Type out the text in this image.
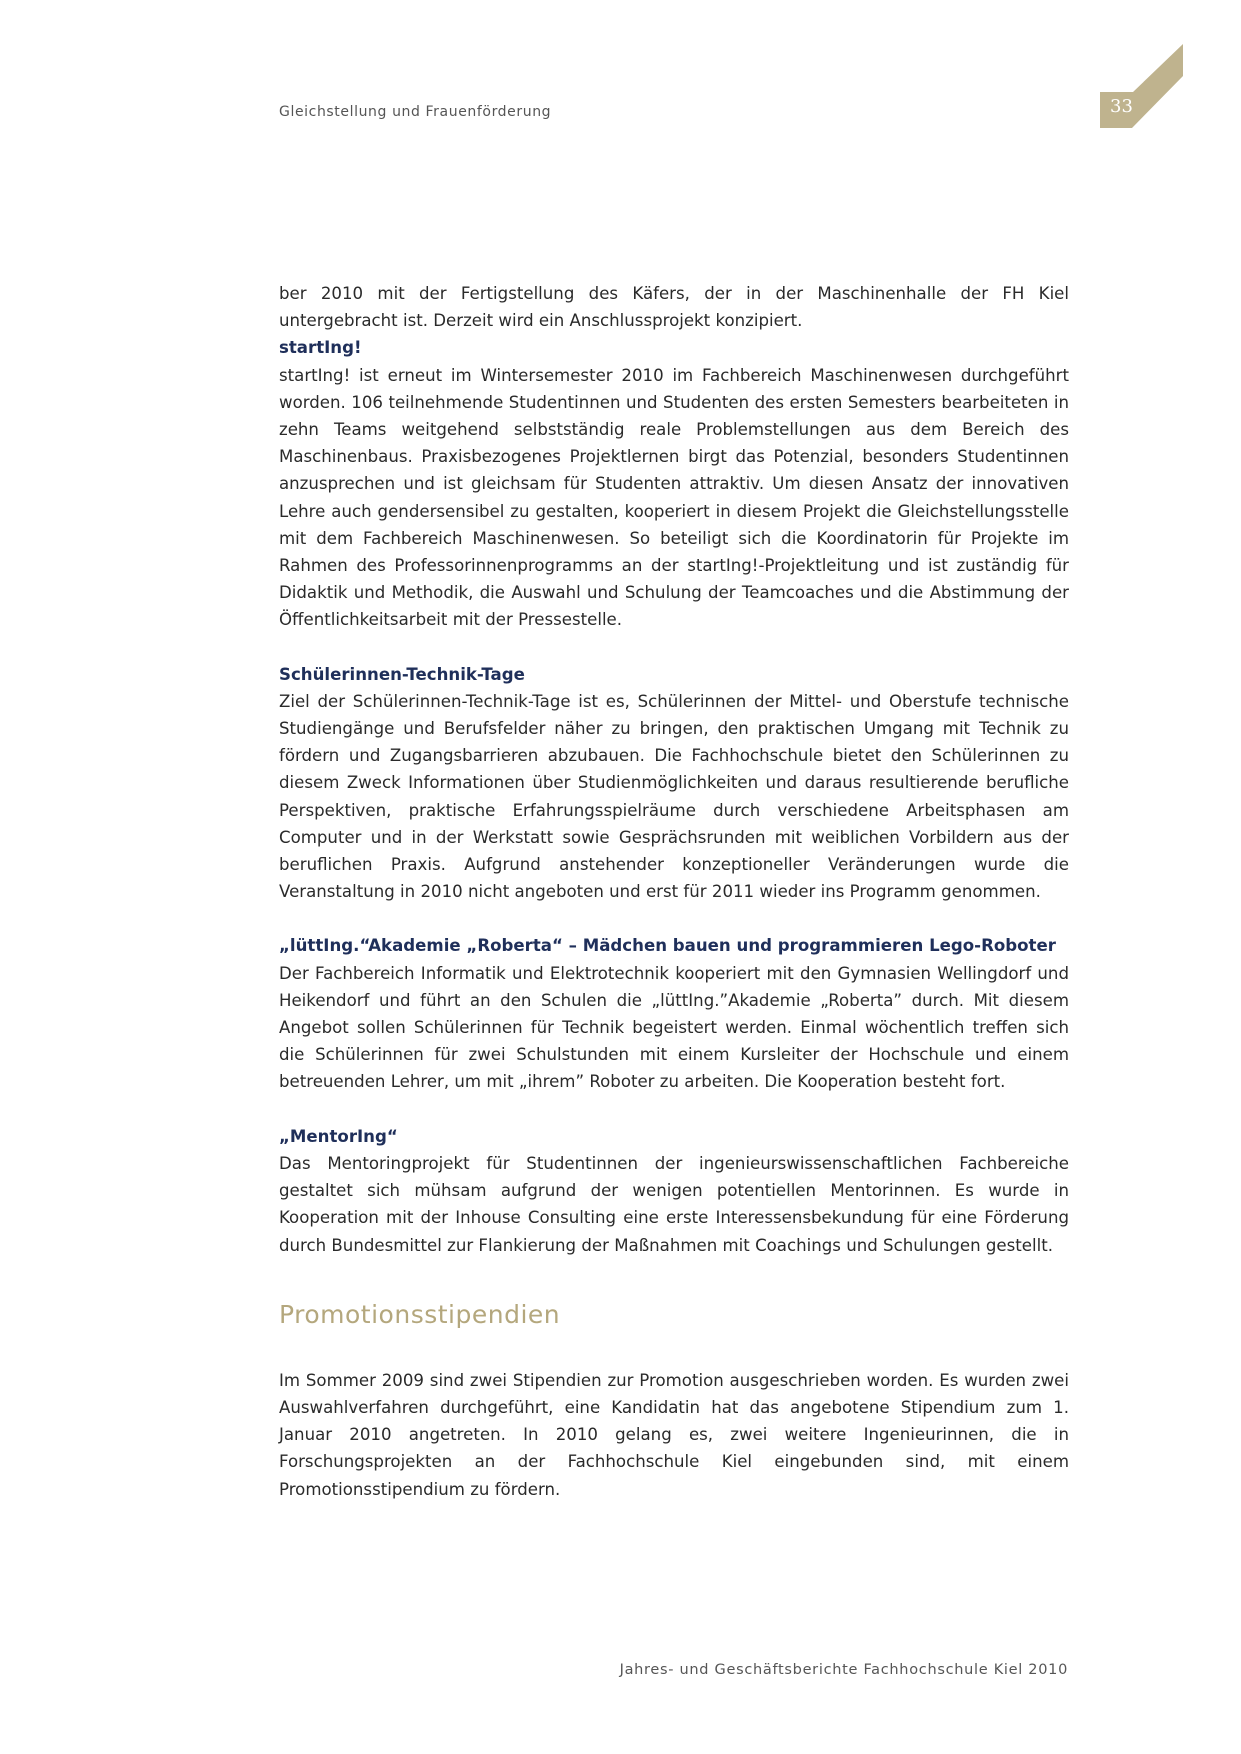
Gleichstellung und Frauenförderung	33

ber 2010 mit der Fertigstellung des Käfers, der in der Maschinenhalle der FH Kiel untergebracht ist. Derzeit wird ein Anschlussprojekt konzipiert.

startIng!

startIng! ist erneut im Wintersemester 2010 im Fachbereich Maschinenwesen durchgeführt worden. 106 teilnehmende Studentinnen und Studenten des ersten Semesters bearbeiteten in zehn Teams weitgehend selbstständig reale Problemstellungen aus dem Bereich des Maschinenbaus. Praxisbezogenes Projektlernen birgt das Potenzial, besonders Studentinnen anzusprechen und ist gleichsam für Studenten attraktiv. Um diesen Ansatz der innovativen Lehre auch gendersensibel zu gestalten, kooperiert in diesem Projekt die Gleichstellungsstelle mit dem Fachbereich Maschinenwesen. So beteiligt sich die Koordinatorin für Projekte im Rahmen des Professorinnenprogramms an der startIng!-Projektleitung und ist zuständig für Didaktik und Methodik, die Auswahl und Schulung der Teamcoaches und die Abstimmung der Öffentlichkeitsarbeit mit der Pressestelle.

Schülerinnen-Technik-Tage

Ziel der Schülerinnen-Technik-Tage ist es, Schülerinnen der Mittel- und Oberstufe technische Studiengänge und Berufsfelder näher zu bringen, den praktischen Umgang mit Technik zu fördern und Zugangsbarrieren abzubauen. Die Fachhochschule bietet den Schülerinnen zu diesem Zweck Informationen über Studienmöglichkeiten und daraus resultierende berufliche Perspektiven, praktische Erfahrungsspielräume durch verschiedene Arbeitsphasen am Computer und in der Werkstatt sowie Gesprächsrunden mit weiblichen Vorbildern aus der beruflichen Praxis. Aufgrund anstehender konzeptioneller Veränderungen wurde die Veranstaltung in 2010 nicht angeboten und erst für 2011 wieder ins Programm genommen.

„lüttIng.“Akademie „Roberta“ – Mädchen bauen und programmieren Lego-Roboter

Der Fachbereich Informatik und Elektrotechnik kooperiert mit den Gymnasien Wellingdorf und Heikendorf und führt an den Schulen die „lüttIng.”Akademie „Roberta” durch. Mit diesem Angebot sollen Schülerinnen für Technik begeistert werden. Einmal wöchentlich treffen sich die Schülerinnen für zwei Schulstunden mit einem Kursleiter der Hochschule und einem betreuenden Lehrer, um mit „ihrem” Roboter zu arbeiten. Die Kooperation besteht fort.

„MentorIng“

Das Mentoringprojekt für Studentinnen der ingenieurswissenschaftlichen Fachbereiche gestaltet sich mühsam aufgrund der wenigen potentiellen Mentorinnen. Es wurde in Kooperation mit der Inhouse Consulting eine erste Interessensbekundung für eine Förderung durch Bundesmittel zur Flankierung der Maßnahmen mit Coachings und Schulungen gestellt.

Promotionsstipendien

Im Sommer 2009 sind zwei Stipendien zur Promotion ausgeschrieben worden. Es wurden zwei Auswahlverfahren durchgeführt, eine Kandidatin hat das angebotene Stipendium zum 1. Januar 2010 angetreten. In 2010 gelang es, zwei weitere Ingenieurinnen, die in Forschungsprojekten an der Fachhochschule Kiel eingebunden sind, mit einem Promotionsstipendium zu fördern.

Jahres- und Geschäftsberichte Fachhochschule Kiel 2010
